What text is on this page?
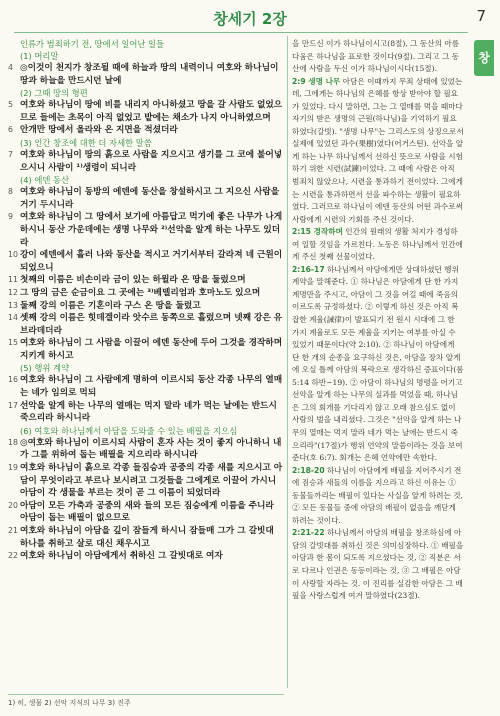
창세기 2장	7
창
인류가 범죄하기 전, 땅에서 일어난 일들
(1) 머리말
4 ◎이것이 천지가 창조될 때에 하늘과 땅의 내력이니 여호와 하나님이 땅과 하늘을 만드시던 날에
(2) 그때 땅의 형편
5 여호와 하나님이 땅에 비를 내리지 아니하셨고 땅을 갈 사람도 없었으므로 들에는 초목이 아직 없었고 밭에는 채소가 나지 아니하였으며
6 안개만 땅에서 올라와 온 지면을 적셨더라
(3) 인간 창조에 대한 더 자세한 말씀
7 여호와 하나님이 땅의 흙으로 사람을 지으시고 생기를 그 코에 불어넣으시니 사람이 ¹⁾생령이 되니라
(4) 에덴 동산
8 여호와 하나님이 동방의 에덴에 동산을 창설하시고 그 지으신 사람을 거기 두시니라
9 여호와 하나님이 그 땅에서 보기에 아름답고 먹기에 좋은 나무가 나게 하시니 동산 가운데에는 생명 나무와 ²⁾선악을 알게 하는 나무도 있더라
10 강이 에덴에서 흘러 나와 동산을 적시고 거기서부터 갈라져 네 근원이 되었으니
11 첫째의 이름은 비손이라 금이 있는 하윌라 온 땅을 둘렀으며
12 그 땅의 금은 순금이요 그 곳에는 ³⁾베델리엄과 호마노도 있으며
13 둘째 강의 이름은 기혼이라 구스 온 땅을 둘렀고
14 셋째 강의 이름은 힛데겔이라 앗수르 동쪽으로 흘렀으며 넷째 강은 유브라데더라
15 여호와 하나님이 그 사람을 이끌어 에덴 동산에 두어 그것을 경작하며 지키게 하시고
(5) 행위 계약
16 여호와 하나님이 그 사람에게 명하여 이르시되 동산 각종 나무의 열매는 네가 임의로 먹되
17 선악을 알게 하는 나무의 열매는 먹지 말라 네가 먹는 날에는 반드시 죽으리라 하시니라
(6) 여호와 하나님께서 아담을 도와줄 수 있는 배필을 지으심
18 ◎여호와 하나님이 이르시되 사람이 혼자 사는 것이 좋지 아니하니 내가 그를 위하여 돕는 배필을 지으리라 하시니라
19 여호와 하나님이 흙으로 각종 들짐승과 공중의 각종 새를 지으시고 아담이 무엇이라고 부르나 보시려고 그것들을 그에게로 이끌어 가시니 아담이 각 생물을 부르는 것이 곧 그 이름이 되었더라
20 아담이 모든 가축과 공중의 새와 들의 모든 짐승에게 이름을 주니라 아담이 돕는 배필이 없으므로
21 여호와 하나님이 아담을 깊이 잠들게 하시니 잠들매 그가 그 갈빗대 하나를 취하고 살로 대신 채우시고
22 여호와 하나님이 아담에게서 취하신 그 갈빗대로 여자

을 만드신 이가 하나님이시고(8절), 그 동산의 아름다움은 하나님을 표로한 것이다(9절). 그리고 그 동산에 사람을 두신 이가 하나님이시다(15절).

2:9 생명 나무 아담은 이때까지 무죄 상태에 있었는데, 그에게는 하나님의 은혜를 항상 받아야 할 필요가 있었다. 다시 말하면, 그는 그 열매를 먹을 때마다 자기의 받은 생명의 근원(하나님)을 기억하기 필요하였다(갈빗). "생명 나무"는 그리스도의 상징으로서 실제에 있었던 과수(果樹)였다(어거스틴). 선악을 알게 하는 나무 하나님께서 선하신 뜻으로 사람을 시험하기 위한 시련(試鍊)이었다. 그 때에 사람은 아직 범죄치 않았으나, 시련을 통과하기 전이었다. 그에게는 시련을 통과하면서 선을 파수하는 생활이 필요하였다. 그러므로 하나님이 에덴 동산의 어떤 과수로써 사람에게 시련의 기회를 주신 것이다.

2:15 경작하며 인간의 원래의 생활 처지가 경성하여 일할 것임을 가르친다. 노동은 하나님께서 인간에게 주신 첫째 선물이었다.

2:16-17 하나님께서 아담에게만 상대하셨던 행위 계약을 말해준다. ① 하나님은 아담에게 단 한 가지 계명만을 주시고, 아담이 그 것을 어길 때에 죽음의 이르도록 규정하셨다. ② 이렇게 하신 것은 아직 복잡한 계율(誡律)이 발표되기 전 원시 시대에 그 한 가지 계율로도 모든 계율을 지키는 여부를 아실 수 있었기 때문이다(약 2:10). ② 하나님이 아담에게 단 한 개의 순종을 요구하신 것은, 아담을 장차 알게에 오실 틀께 아담의 복락으로 생각하신 증표이다(롬 5:14 하반~19). ② 아담이 하나님의 명령을 어기고 선악을 알게 하는 나무의 실과를 먹었을 때, 하나님은 그의 회개를 기다리지 않고 오래 참으심도 없이 사람의 벌을 내리셨다. 그것은 "선악을 알게 하는 나무의 열매는 먹지 말라 네가 먹는 날에는 반드시 죽으리라"(17절)가 행위 언약의 말씀이라는 것을 보여준다(호 6:7). 회개는 은혜 언약에만 속한다.

2:18-20 하나님이 아담에게 배필을 지어주시기 전에 짐승과 새들의 이름을 지으라고 하신 이유는 ① 동물들까리는 배필이 있다는 사실을 알게 하려는 것, ② 모든 동물들 중에 아담의 배필이 없음을 깨닫게 하려는 것이다.

2:21-22 하나님께서 아담의 배필을 창조하심에 아담의 갈빗대를 취하신 것은 의미심장하다. ① 배필을 아담과 한 몸이 되도록 지으셨다는 것, ② 직분은 서로 다르나 인권은 동등이라는 것, ③ 그 배필은 아담이 사랑할 자라는 것. 이 진리를 실감한 아담은 그 배필을 사랑스럽게 여겨 말하였다(23절).

1) 히, 생물 2) 선악 지식의 나무 3) 진주
